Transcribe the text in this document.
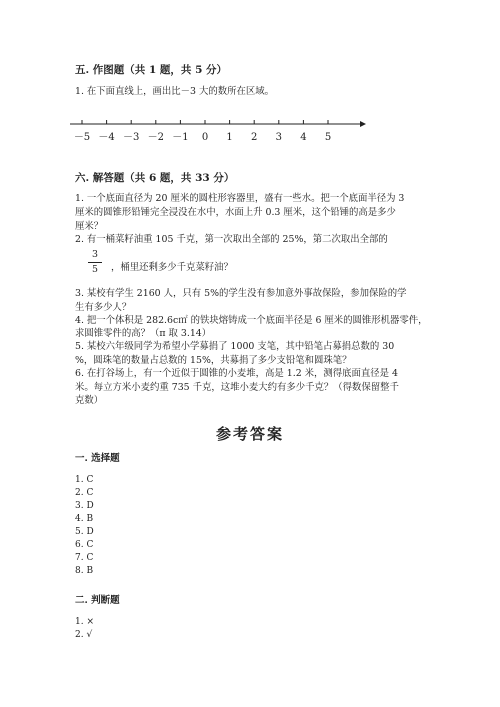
五. 作图题（共 1 题，共 5 分）
1. 在下面直线上，画出比－3 大的数所在区域。
－5 －4 －3 －2 －1 0 1 2 3 4 5
六. 解答题（共 6 题，共 33 分）
1. 一个底面直径为 20 厘米的圆柱形容器里，盛有一些水。把一个底面半径为 3
厘米的圆锥形铅锤完全浸没在水中，水面上升 0.3 厘米，这个铅锤的高是多少
厘米？
2. 有一桶菜籽油重 105 千克，第一次取出全部的 25%，第二次取出全部的
3
5	，桶里还剩多少千克菜籽油？
3. 某校有学生 2160 人，只有 5%的学生没有参加意外事故保险，参加保险的学
生有多少人？
4. 把一个体积是 282.6c㎡ 的铁块熔铸成一个底面半径是 6 厘米的圆锥形机器零件，
求圆锥零件的高？（π 取 3.14）
5. 某校六年级同学为希望小学募捐了 1000 支笔，其中铅笔占募捐总数的 30
%，圆珠笔的数量占总数的 15%，共募捐了多少支铅笔和圆珠笔？
6. 在打谷场上，有一个近似于圆锥的小麦堆，高是 1.2 米，测得底面直径是 4
米。每立方米小麦约重 735 千克，这堆小麦大约有多少千克？（得数保留整千
克数）
参考答案
一. 选择题
1. C
2. C
3. D
4. B
5. D
6. C
7. C
8. B
二. 判断题
1. ×
2. √
